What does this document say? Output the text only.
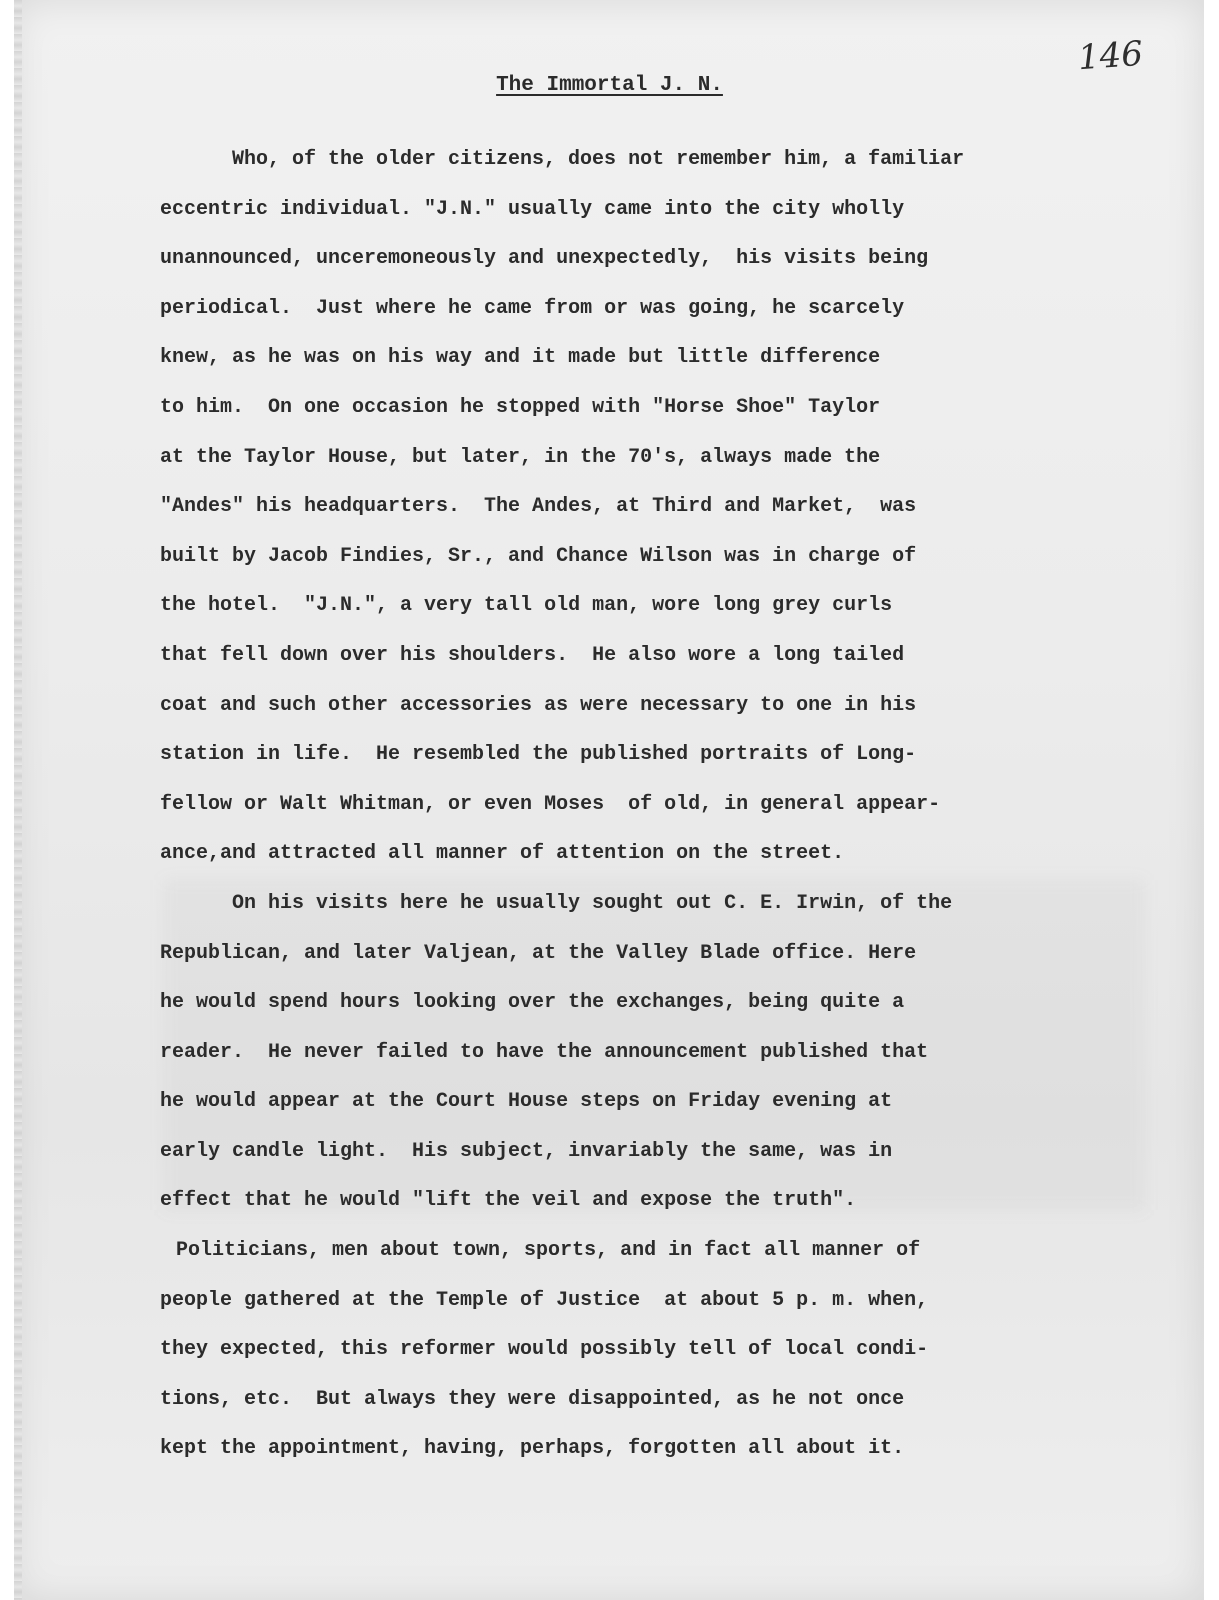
146
The Immortal J. N.
Who, of the older citizens, does not remember him, a familiar
eccentric individual. "J.N." usually came into the city wholly
unannounced, unceremoneously and unexpectedly,  his visits being
periodical.  Just where he came from or was going, he scarcely
knew, as he was on his way and it made but little difference
to him.  On one occasion he stopped with "Horse Shoe" Taylor
at the Taylor House, but later, in the 70's, always made the
"Andes" his headquarters.  The Andes, at Third and Market,  was
built by Jacob Findies, Sr., and Chance Wilson was in charge of
the hotel.  "J.N.", a very tall old man, wore long grey curls
that fell down over his shoulders.  He also wore a long tailed
coat and such other accessories as were necessary to one in his
station in life.  He resembled the published portraits of Long-
fellow or Walt Whitman, or even Moses  of old, in general appear-
ance,and attracted all manner of attention on the street.
On his visits here he usually sought out C. E. Irwin, of the
Republican, and later Valjean, at the Valley Blade office. Here
he would spend hours looking over the exchanges, being quite a
reader.  He never failed to have the announcement published that
he would appear at the Court House steps on Friday evening at
early candle light.  His subject, invariably the same, was in
effect that he would "lift the veil and expose the truth".
Politicians, men about town, sports, and in fact all manner of
people gathered at the Temple of Justice  at about 5 p. m. when,
they expected, this reformer would possibly tell of local condi-
tions, etc.  But always they were disappointed, as he not once
kept the appointment, having, perhaps, forgotten all about it.
